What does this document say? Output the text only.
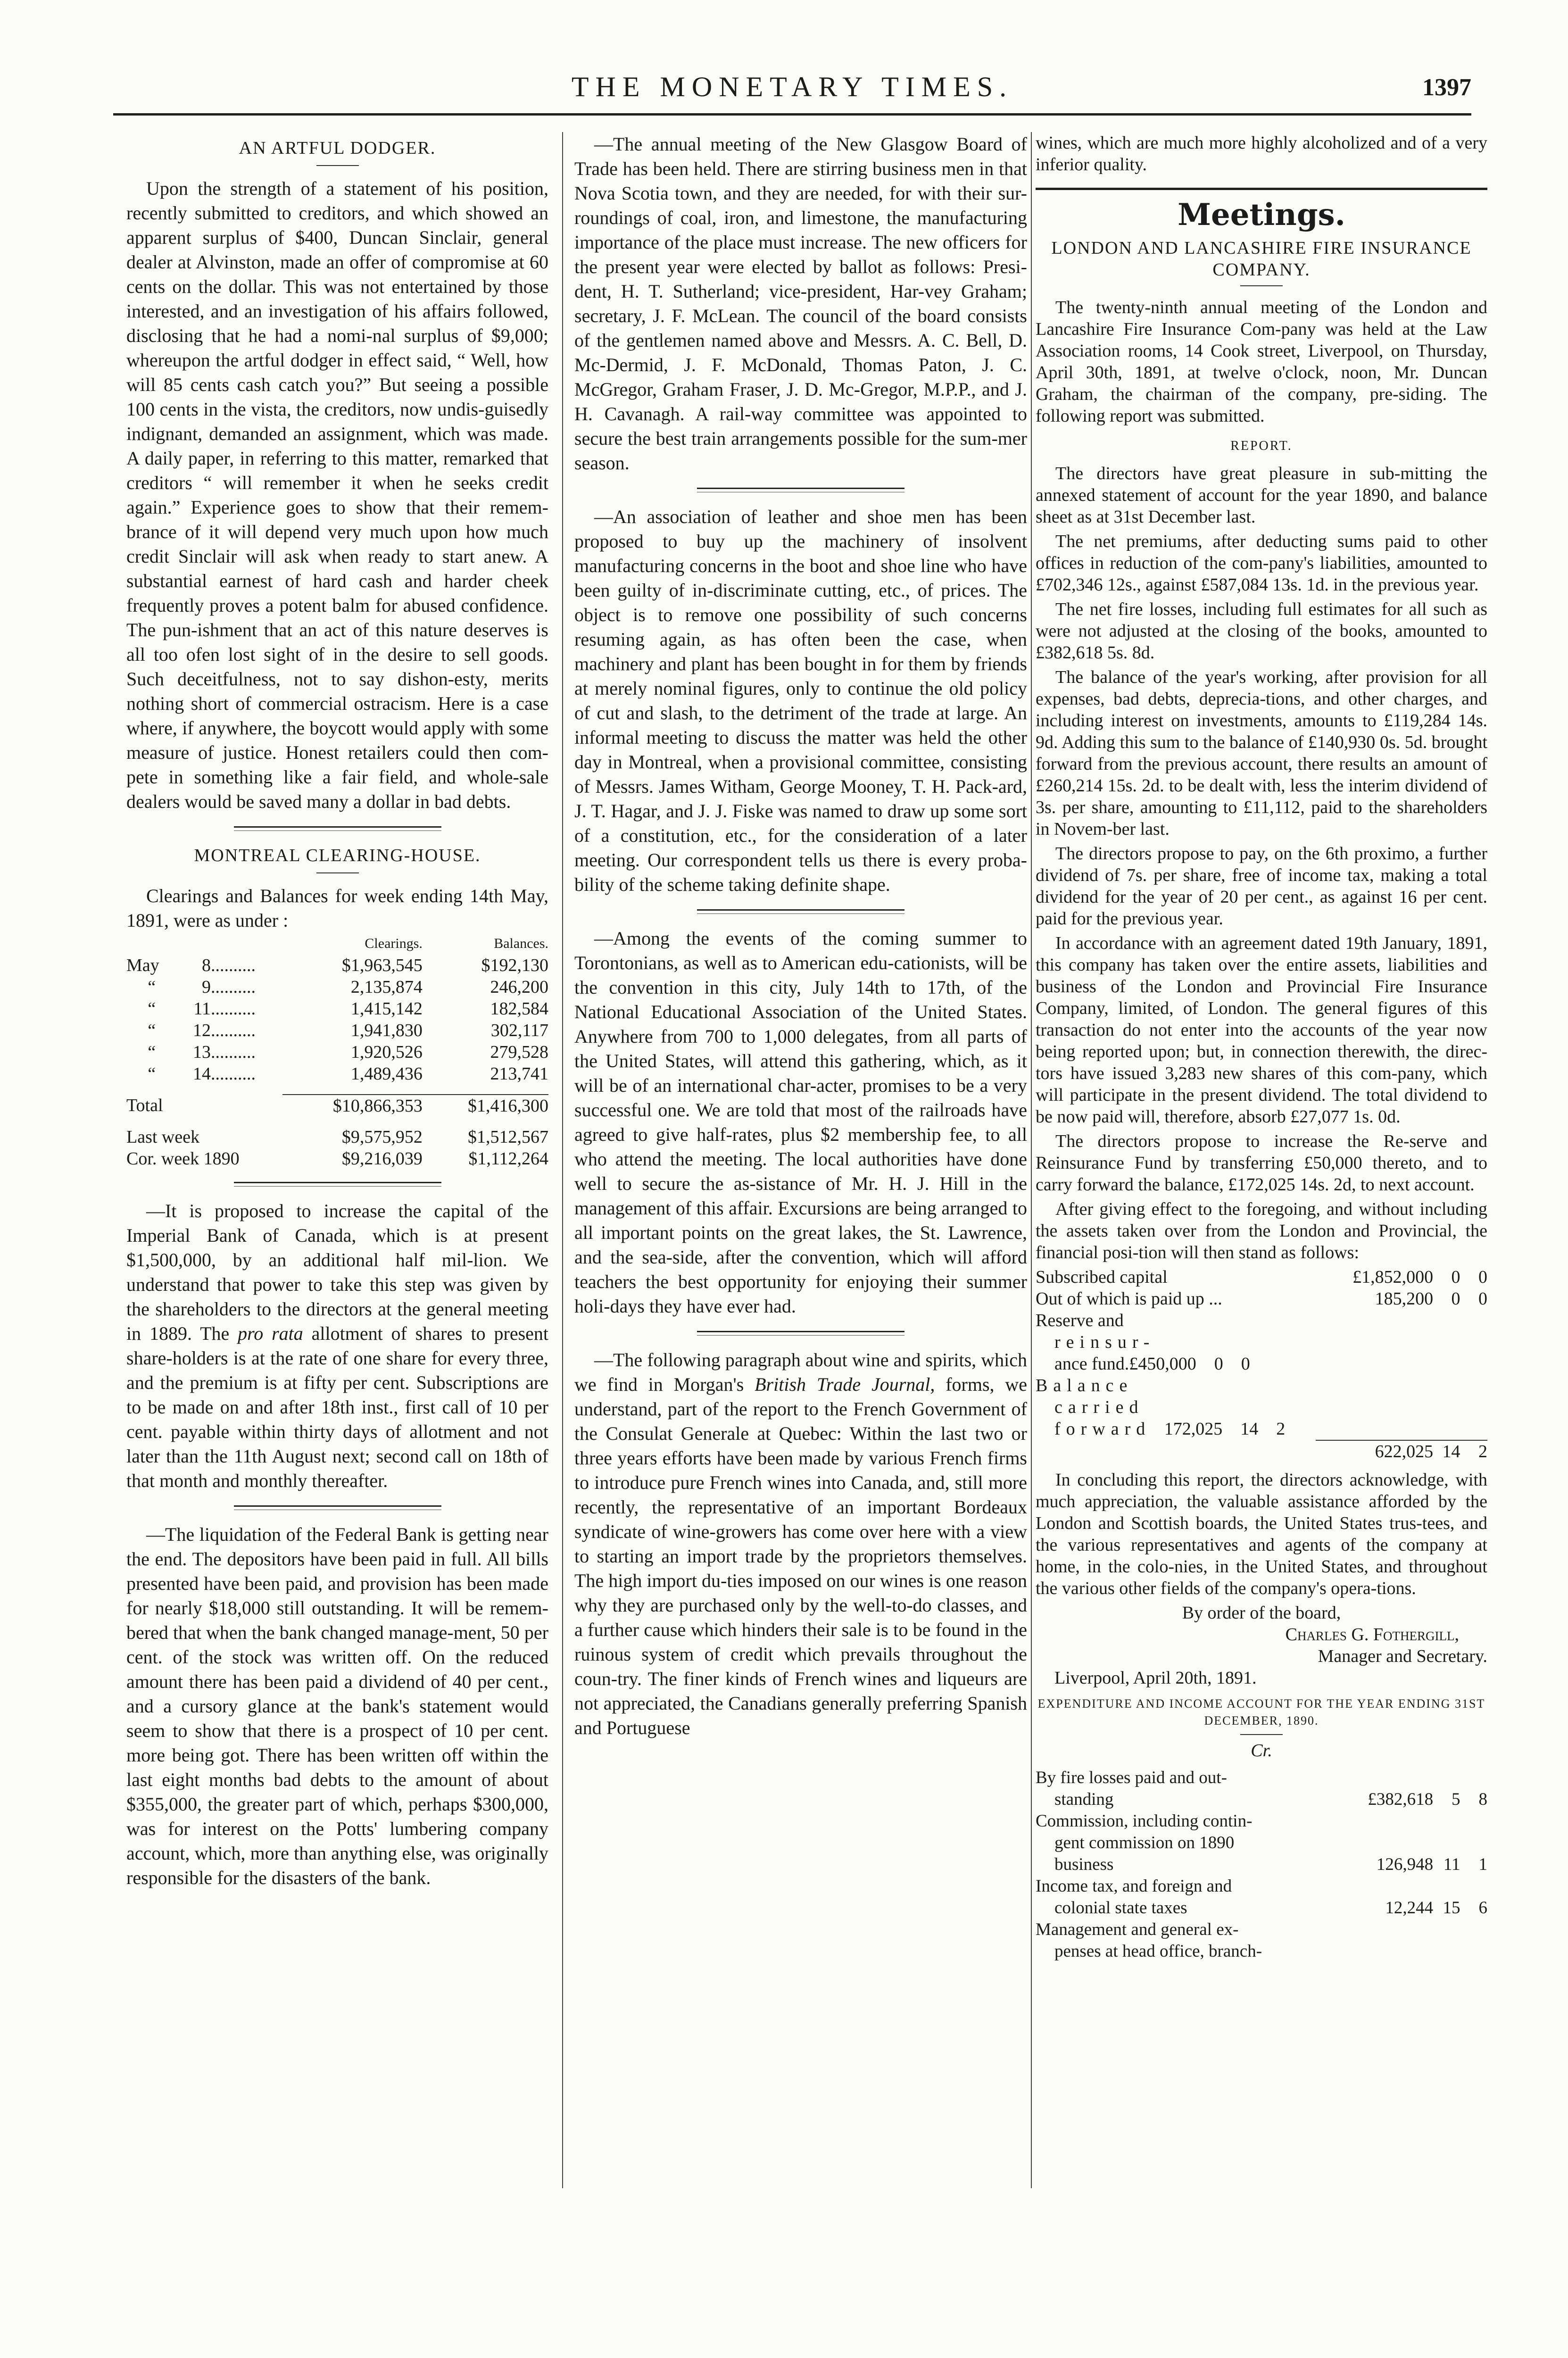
THE MONETARY TIMES.	1397
AN ARTFUL DODGER.

Upon the strength of a statement of his position, recently submitted to creditors, and which showed an apparent surplus of $400, Duncan Sinclair, general dealer at Alvinston, made an offer of compromise at 60 cents on the dollar. This was not entertained by those interested, and an investigation of his affairs followed, disclosing that he had a nomi-nal surplus of $9,000; whereupon the artful dodger in effect said, “ Well, how will 85 cents cash catch you?” But seeing a possible 100 cents in the vista, the creditors, now undis-guisedly indignant, demanded an assignment, which was made. A daily paper, in referring to this matter, remarked that creditors “ will remember it when he seeks credit again.” Experience goes to show that their remem-brance of it will depend very much upon how much credit Sinclair will ask when ready to start anew. A substantial earnest of hard cash and harder cheek frequently proves a potent balm for abused confidence. The pun-ishment that an act of this nature deserves is all too ofen lost sight of in the desire to sell goods. Such deceitfulness, not to say dishon-esty, merits nothing short of commercial ostracism. Here is a case where, if anywhere, the boycott would apply with some measure of justice. Honest retailers could then com-pete in something like a fair field, and whole-sale dealers would be saved many a dollar in bad debts.

MONTREAL CLEARING-HOUSE.

Clearings and Balances for week ending 14th May, 1891, were as under :

			Clearings.	Balances.
May	8	..........	$1,963,545	$192,130
“	9	..........	2,135,874	246,200
“	11	..........	1,415,142	182,584
“	12	..........	1,941,830	302,117
“	13	..........	1,920,526	279,528
“	14	..........	1,489,436	213,741

Total			$10,866,353	$1,416,300

Last week			$9,575,952	$1,512,567
Cor. week 1890			$9,216,039	$1,112,264

—It is proposed to increase the capital of the Imperial Bank of Canada, which is at present $1,500,000, by an additional half mil-lion. We understand that power to take this step was given by the shareholders to the directors at the general meeting in 1889. The pro rata allotment of shares to present share-holders is at the rate of one share for every three, and the premium is at fifty per cent. Subscriptions are to be made on and after 18th inst., first call of 10 per cent. payable within thirty days of allotment and not later than the 11th August next; second call on 18th of that month and monthly thereafter.

—The liquidation of the Federal Bank is getting near the end. The depositors have been paid in full. All bills presented have been paid, and provision has been made for nearly $18,000 still outstanding. It will be remem-bered that when the bank changed manage-ment, 50 per cent. of the stock was written off. On the reduced amount there has been paid a dividend of 40 per cent., and a cursory glance at the bank's statement would seem to show that there is a prospect of 10 per cent. more being got. There has been written off within the last eight months bad debts to the amount of about $355,000, the greater part of which, perhaps $300,000, was for interest on the Potts' lumbering company account, which, more than anything else, was originally responsible for the disasters of the bank.

—The annual meeting of the New Glasgow Board of Trade has been held. There are stirring business men in that Nova Scotia town, and they are needed, for with their sur-roundings of coal, iron, and limestone, the manufacturing importance of the place must increase. The new officers for the present year were elected by ballot as follows: Presi-dent, H. T. Sutherland; vice-president, Har-vey Graham; secretary, J. F. McLean. The council of the board consists of the gentlemen named above and Messrs. A. C. Bell, D. Mc-Dermid, J. F. McDonald, Thomas Paton, J. C. McGregor, Graham Fraser, J. D. Mc-Gregor, M.P.P., and J. H. Cavanagh. A rail-way committee was appointed to secure the best train arrangements possible for the sum-mer season.

—An association of leather and shoe men has been proposed to buy up the machinery of insolvent manufacturing concerns in the boot and shoe line who have been guilty of in-discriminate cutting, etc., of prices. The object is to remove one possibility of such concerns resuming again, as has often been the case, when machinery and plant has been bought in for them by friends at merely nominal figures, only to continue the old policy of cut and slash, to the detriment of the trade at large. An informal meeting to discuss the matter was held the other day in Montreal, when a provisional committee, consisting of Messrs. James Witham, George Mooney, T. H. Pack-ard, J. T. Hagar, and J. J. Fiske was named to draw up some sort of a constitution, etc., for the consideration of a later meeting. Our correspondent tells us there is every proba-bility of the scheme taking definite shape.

—Among the events of the coming summer to Torontonians, as well as to American edu-cationists, will be the convention in this city, July 14th to 17th, of the National Educational Association of the United States. Anywhere from 700 to 1,000 delegates, from all parts of the United States, will attend this gathering, which, as it will be of an international char-acter, promises to be a very successful one. We are told that most of the railroads have agreed to give half-rates, plus $2 membership fee, to all who attend the meeting. The local authorities have done well to secure the as-sistance of Mr. H. J. Hill in the management of this affair. Excursions are being arranged to all important points on the great lakes, the St. Lawrence, and the sea-side, after the convention, which will afford teachers the best opportunity for enjoying their summer holi-days they have ever had.

—The following paragraph about wine and spirits, which we find in Morgan's British Trade Journal, forms, we understand, part of the report to the French Government of the Consulat Generale at Quebec: Within the last two or three years efforts have been made by various French firms to introduce pure French wines into Canada, and, still more recently, the representative of an important Bordeaux syndicate of wine-growers has come over here with a view to starting an import trade by the proprietors themselves. The high import du-ties imposed on our wines is one reason why they are purchased only by the well-to-do classes, and a further cause which hinders their sale is to be found in the ruinous system of credit which prevails throughout the coun-try. The finer kinds of French wines and liqueurs are not appreciated, the Canadians generally preferring Spanish and Portuguese

wines, which are much more highly alcoholized and of a very inferior quality.

Meetings.
LONDON AND LANCASHIRE FIRE INSURANCE COMPANY.

The twenty-ninth annual meeting of the London and Lancashire Fire Insurance Com-pany was held at the Law Association rooms, 14 Cook street, Liverpool, on Thursday, April 30th, 1891, at twelve o'clock, noon, Mr. Duncan Graham, the chairman of the company, pre-siding. The following report was submitted.

REPORT.

The directors have great pleasure in sub-mitting the annexed statement of account for the year 1890, and balance sheet as at 31st December last.

The net premiums, after deducting sums paid to other offices in reduction of the com-pany's liabilities, amounted to £702,346 12s., against £587,084 13s. 1d. in the previous year.

The net fire losses, including full estimates for all such as were not adjusted at the closing of the books, amounted to £382,618 5s. 8d.

The balance of the year's working, after provision for all expenses, bad debts, deprecia-tions, and other charges, and including interest on investments, amounts to £119,284 14s. 9d. Adding this sum to the balance of £140,930 0s. 5d. brought forward from the previous account, there results an amount of £260,214 15s. 2d. to be dealt with, less the interim dividend of 3s. per share, amounting to £11,112, paid to the shareholders in Novem-ber last.

The directors propose to pay, on the 6th proximo, a further dividend of 7s. per share, free of income tax, making a total dividend for the year of 20 per cent., as against 16 per cent. paid for the previous year.

In accordance with an agreement dated 19th January, 1891, this company has taken over the entire assets, liabilities and business of the London and Provincial Fire Insurance Company, limited, of London. The general figures of this transaction do not enter into the accounts of the year now being reported upon; but, in connection therewith, the direc-tors have issued 3,283 new shares of this com-pany, which will participate in the present dividend. The total dividend to be now paid will, therefore, absorb £27,077 1s. 0d.

The directors propose to increase the Re-serve and Reinsurance Fund by transferring £50,000 thereto, and to carry forward the balance, £172,025 14s. 2d, to next account.

After giving effect to the foregoing, and without including the assets taken over from the London and Provincial, the financial posi-tion will then stand as follows:

Subscribed capital	£1,852,000	0	0
Out of which is paid up ...	185,200	0	0
Reserve and			
reinsur-			
ance fund.£450,000 0 0			
Balance			
carried			
forward 172,025 14 2			
	622,025	14	2

In concluding this report, the directors acknowledge, with much appreciation, the valuable assistance afforded by the London and Scottish boards, the United States trus-tees, and the various representatives and agents of the company at home, in the colo-nies, in the United States, and throughout the various other fields of the company's opera-tions.

By order of the board,

Charles G. Fothergill,

Manager and Secretary.

Liverpool, April 20th, 1891.

EXPENDITURE AND INCOME ACCOUNT FOR THE YEAR ENDING 31ST DECEMBER, 1890.
Cr.
By fire losses paid and out-			
standing	£382,618	5	8
Commission, including contin-			
gent commission on 1890			
business	126,948	11	1
Income tax, and foreign and			
colonial state taxes	12,244	15	6
Management and general ex-			
penses at head office, branch-			
